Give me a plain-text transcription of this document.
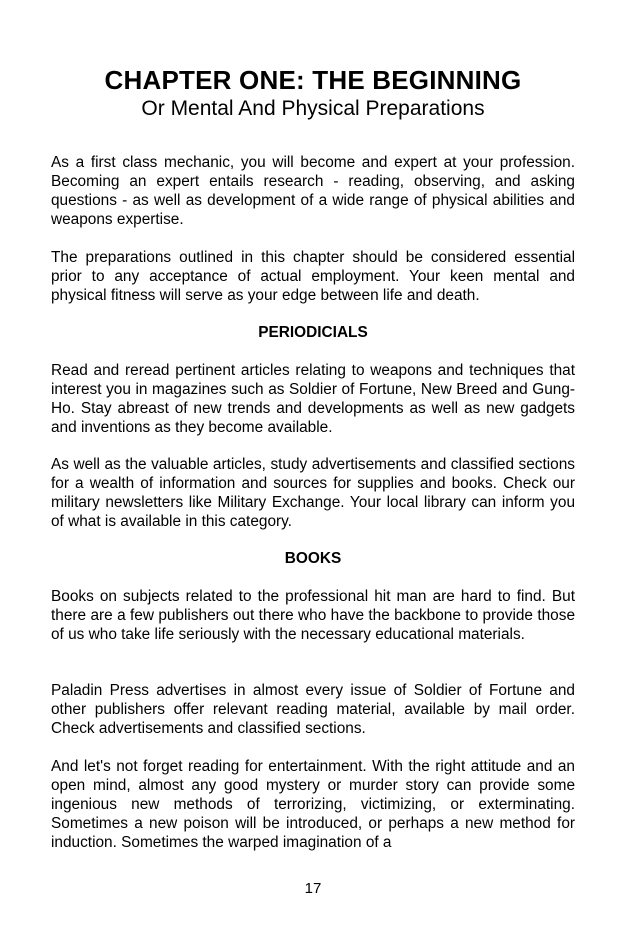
CHAPTER ONE: THE BEGINNING
Or Mental And Physical Preparations

As a first class mechanic, you will become and expert at your profession. Becoming an expert entails research - reading, observing, and asking questions - as well as development of a wide range of physical abilities and weapons expertise.

The preparations outlined in this chapter should be considered essential prior to any acceptance of actual employment. Your keen mental and physical fitness will serve as your edge between life and death.

PERIODICIALS

Read and reread pertinent articles relating to weapons and techniques that interest you in magazines such as Soldier of Fortune, New Breed and Gung-Ho. Stay abreast of new trends and developments as well as new gadgets and inventions as they become available.

As well as the valuable articles, study advertisements and classified sections for a wealth of information and sources for supplies and books. Check our military newsletters like Military Exchange. Your local library can inform you of what is available in this category.

BOOKS

Books on subjects related to the professional hit man are hard to find. But there are a few publishers out there who have the backbone to provide those of us who take life seriously with the necessary educational materials.

Paladin Press advertises in almost every issue of Soldier of Fortune and other publishers offer relevant reading material, available by mail order. Check advertisements and classified sections.

And let's not forget reading for entertainment. With the right attitude and an open mind, almost any good mystery or murder story can provide some ingenious new methods of terrorizing, victimizing, or exterminating. Sometimes a new poison will be introduced, or perhaps a new method for induction. Sometimes the warped imagination of a

17
